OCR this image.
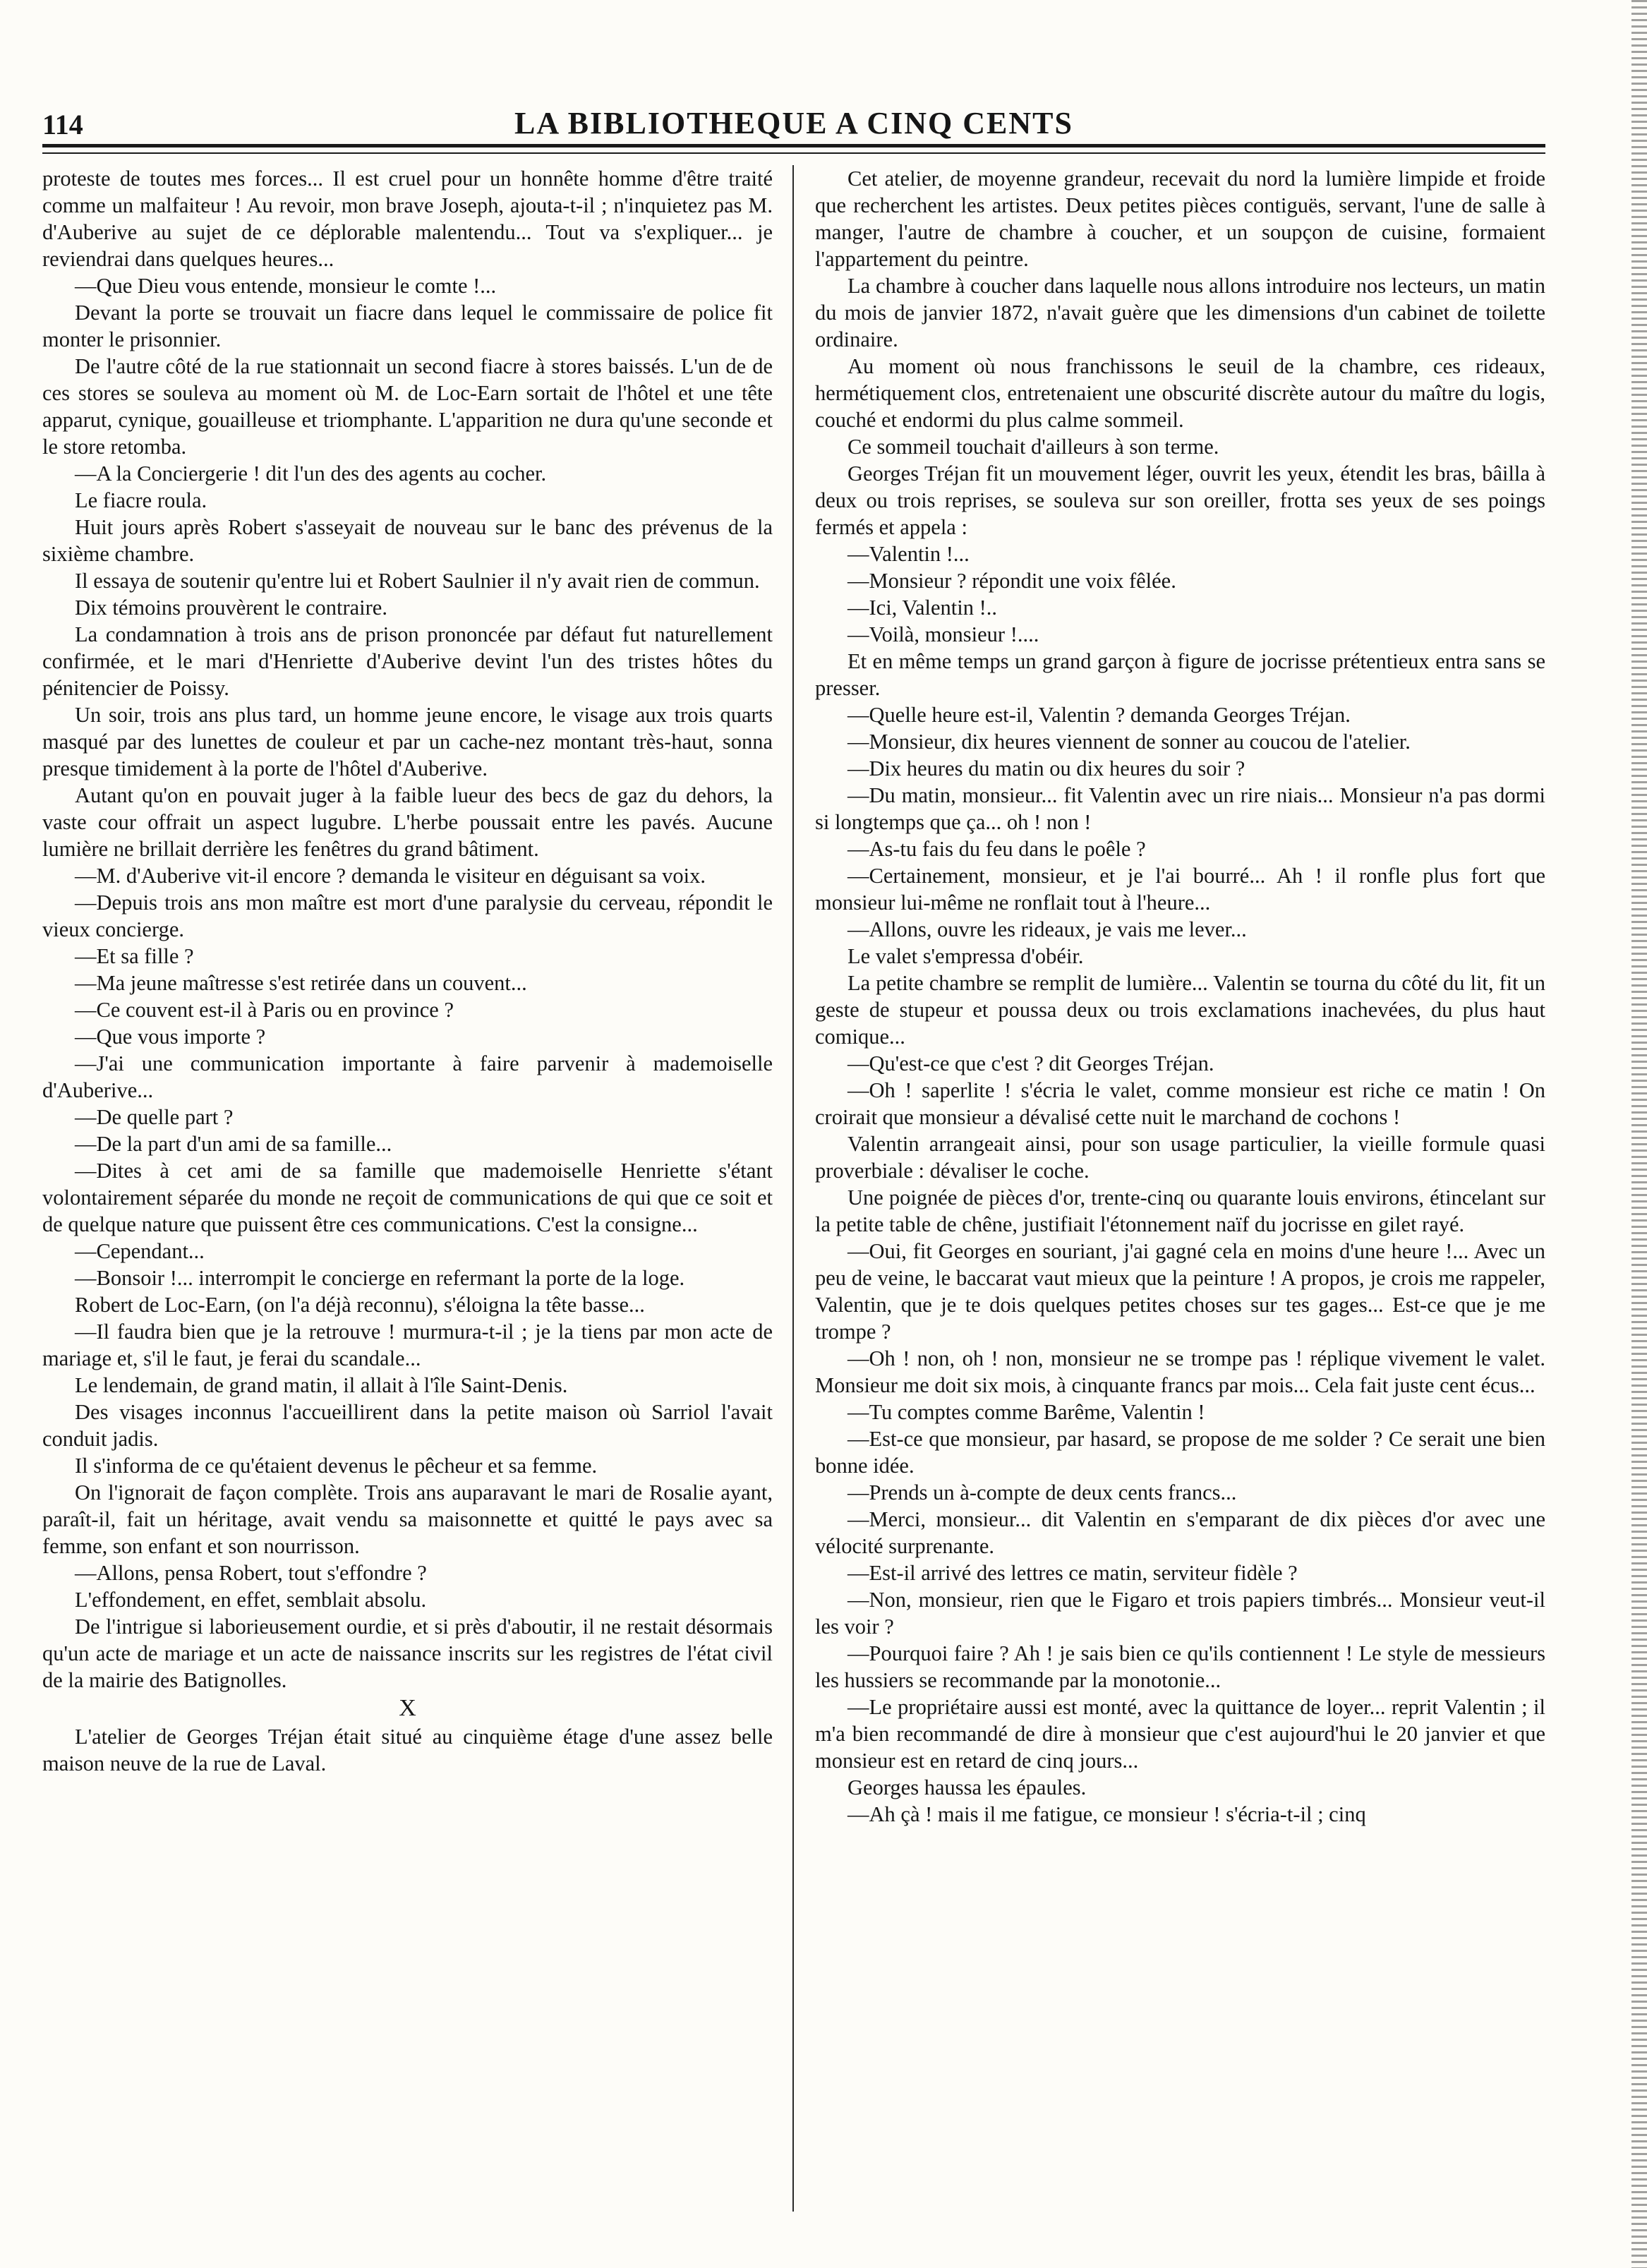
114	LA BIBLIOTHEQUE A CINQ CENTS

proteste de toutes mes forces... Il est cruel pour un honnête homme d'être traité comme un malfaiteur ! Au revoir, mon brave Joseph, ajouta-t-il ; n'inquietez pas M. d'Auberive au sujet de ce déplorable malentendu... Tout va s'expliquer... je reviendrai dans quelques heures...

—Que Dieu vous entende, monsieur le comte !...

Devant la porte se trouvait un fiacre dans lequel le commissaire de police fit monter le prisonnier.

De l'autre côté de la rue stationnait un second fiacre à stores baissés. L'un de de ces stores se souleva au moment où M. de Loc-Earn sortait de l'hôtel et une tête apparut, cynique, gouailleuse et triomphante. L'apparition ne dura qu'une seconde et le store retomba.

—A la Conciergerie ! dit l'un des des agents au cocher.

Le fiacre roula.

Huit jours après Robert s'asseyait de nouveau sur le banc des prévenus de la sixième chambre.

Il essaya de soutenir qu'entre lui et Robert Saulnier il n'y avait rien de commun.

Dix témoins prouvèrent le contraire.

La condamnation à trois ans de prison prononcée par défaut fut naturellement confirmée, et le mari d'Henriette d'Auberive devint l'un des tristes hôtes du pénitencier de Poissy.

Un soir, trois ans plus tard, un homme jeune encore, le visage aux trois quarts masqué par des lunettes de couleur et par un cache-nez montant très-haut, sonna presque timidement à la porte de l'hôtel d'Auberive.

Autant qu'on en pouvait juger à la faible lueur des becs de gaz du dehors, la vaste cour offrait un aspect lugubre. L'herbe poussait entre les pavés. Aucune lumière ne brillait derrière les fenêtres du grand bâtiment.

—M. d'Auberive vit-il encore ? demanda le visiteur en déguisant sa voix.

—Depuis trois ans mon maître est mort d'une paralysie du cerveau, répondit le vieux concierge.

—Et sa fille ?

—Ma jeune maîtresse s'est retirée dans un couvent...

—Ce couvent est-il à Paris ou en province ?

—Que vous importe ?

—J'ai une communication importante à faire parvenir à mademoiselle d'Auberive...

—De quelle part ?

—De la part d'un ami de sa famille...

—Dites à cet ami de sa famille que mademoiselle Henriette s'étant volontairement séparée du monde ne reçoit de communications de qui que ce soit et de quelque nature que puissent être ces communications. C'est la consigne...

—Cependant...

—Bonsoir !... interrompit le concierge en refermant la porte de la loge.

Robert de Loc-Earn, (on l'a déjà reconnu), s'éloigna la tête basse...

—Il faudra bien que je la retrouve ! murmura-t-il ; je la tiens par mon acte de mariage et, s'il le faut, je ferai du scandale...

Le lendemain, de grand matin, il allait à l'île Saint-Denis.

Des visages inconnus l'accueillirent dans la petite maison où Sarriol l'avait conduit jadis.

Il s'informa de ce qu'étaient devenus le pêcheur et sa femme.

On l'ignorait de façon complète. Trois ans auparavant le mari de Rosalie ayant, paraît-il, fait un héritage, avait vendu sa maisonnette et quitté le pays avec sa femme, son enfant et son nourrisson.

—Allons, pensa Robert, tout s'effondre ?

L'effondement, en effet, semblait absolu.

De l'intrigue si laborieusement ourdie, et si près d'aboutir, il ne restait désormais qu'un acte de mariage et un acte de naissance inscrits sur les registres de l'état civil de la mairie des Batignolles.

X

L'atelier de Georges Tréjan était situé au cinquième étage d'une assez belle maison neuve de la rue de Laval.

Cet atelier, de moyenne grandeur, recevait du nord la lumière limpide et froide que recherchent les artistes. Deux petites pièces contiguës, servant, l'une de salle à manger, l'autre de chambre à coucher, et un soupçon de cuisine, formaient l'appartement du peintre.

La chambre à coucher dans laquelle nous allons introduire nos lecteurs, un matin du mois de janvier 1872, n'avait guère que les dimensions d'un cabinet de toilette ordinaire.

Au moment où nous franchissons le seuil de la chambre, ces rideaux, hermétiquement clos, entretenaient une obscurité discrète autour du maître du logis, couché et endormi du plus calme sommeil.

Ce sommeil touchait d'ailleurs à son terme.

Georges Tréjan fit un mouvement léger, ouvrit les yeux, étendit les bras, bâilla à deux ou trois reprises, se souleva sur son oreiller, frotta ses yeux de ses poings fermés et appela :

—Valentin !...

—Monsieur ? répondit une voix fêlée.

—Ici, Valentin !..

—Voilà, monsieur !....

Et en même temps un grand garçon à figure de jocrisse prétentieux entra sans se presser.

—Quelle heure est-il, Valentin ? demanda Georges Tréjan.

—Monsieur, dix heures viennent de sonner au coucou de l'atelier.

—Dix heures du matin ou dix heures du soir ?

—Du matin, monsieur... fit Valentin avec un rire niais... Monsieur n'a pas dormi si longtemps que ça... oh ! non !

—As-tu fais du feu dans le poêle ?

—Certainement, monsieur, et je l'ai bourré... Ah ! il ronfle plus fort que monsieur lui-même ne ronflait tout à l'heure...

—Allons, ouvre les rideaux, je vais me lever...

Le valet s'empressa d'obéir.

La petite chambre se remplit de lumière... Valentin se tourna du côté du lit, fit un geste de stupeur et poussa deux ou trois exclamations inachevées, du plus haut comique...

—Qu'est-ce que c'est ? dit Georges Tréjan.

—Oh ! saperlite ! s'écria le valet, comme monsieur est riche ce matin ! On croirait que monsieur a dévalisé cette nuit le marchand de cochons !

Valentin arrangeait ainsi, pour son usage particulier, la vieille formule quasi proverbiale : dévaliser le coche.

Une poignée de pièces d'or, trente-cinq ou quarante louis environs, étincelant sur la petite table de chêne, justifiait l'étonnement naïf du jocrisse en gilet rayé.

—Oui, fit Georges en souriant, j'ai gagné cela en moins d'une heure !... Avec un peu de veine, le baccarat vaut mieux que la peinture ! A propos, je crois me rappeler, Valentin, que je te dois quelques petites choses sur tes gages... Est-ce que je me trompe ?

—Oh ! non, oh ! non, monsieur ne se trompe pas ! réplique vivement le valet. Monsieur me doit six mois, à cinquante francs par mois... Cela fait juste cent écus...

—Tu comptes comme Barême, Valentin !

—Est-ce que monsieur, par hasard, se propose de me solder ? Ce serait une bien bonne idée.

—Prends un à-compte de deux cents francs...

—Merci, monsieur... dit Valentin en s'emparant de dix pièces d'or avec une vélocité surprenante.

—Est-il arrivé des lettres ce matin, serviteur fidèle ?

—Non, monsieur, rien que le Figaro et trois papiers timbrés... Monsieur veut-il les voir ?

—Pourquoi faire ? Ah ! je sais bien ce qu'ils contiennent ! Le style de messieurs les hussiers se recommande par la monotonie...

—Le propriétaire aussi est monté, avec la quittance de loyer... reprit Valentin ; il m'a bien recommandé de dire à monsieur que c'est aujourd'hui le 20 janvier et que monsieur est en retard de cinq jours...

Georges haussa les épaules.

—Ah çà ! mais il me fatigue, ce monsieur ! s'écria-t-il ; cinq
